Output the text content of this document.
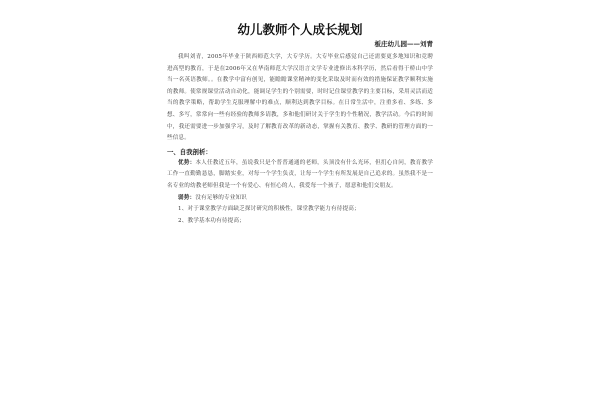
幼儿教师个人成长规划
板庄幼儿园——刘青

我叫刘青，2005年毕业于陕西师范大学，大专学历。大专毕业后感觉自己还需要更多地知识和竞聘进高型的教育，于是在2006年又在华南师范大学汉语言文学专业进修出本科学历，然后看得于桥山中学当一名英语教师。。在教学中富有创见，能瞻瞻课堂精神的变化采取及时而有效的措施保证教学顺利实施的教师。使常规课堂活动自动化，能调足学生的个别需要，时时记住课堂教学的主要目标，采用灵活而适当的教学策略，帮助学生克服理解中的难点，顺利达到教学目标。在日常生活中，注重多看、多练、多想、多写，常常向一些有经验的教师多请教，多和他们研讨关于学生的个性精况，教学活动。今后的时间中，我还需要进一步加强学习，及时了解教育改革的新动态，掌握有关教育、教学、教研的管理方面的一些信息。

一、自我剖析：

优势：本人任教近五年，虽说我只是个普普通通的老师，头顶没有什么光环，但扪心自问，教育教学工作一直勤勤恳恳，脚踏实业，对每一个学生负责，让每一个学生有所发展是自己追求的。虽然我不是一名专业的幼教老师但我是一个有爱心、有恒心的人，我爱每一个孩子，愿意和他们交朋友。

弱势：没有足够的专业知识

1、对于课堂教学方面缺乏探讨研究的积极性，课堂教学能力有待提高；

2、教学基本功有待提高；
